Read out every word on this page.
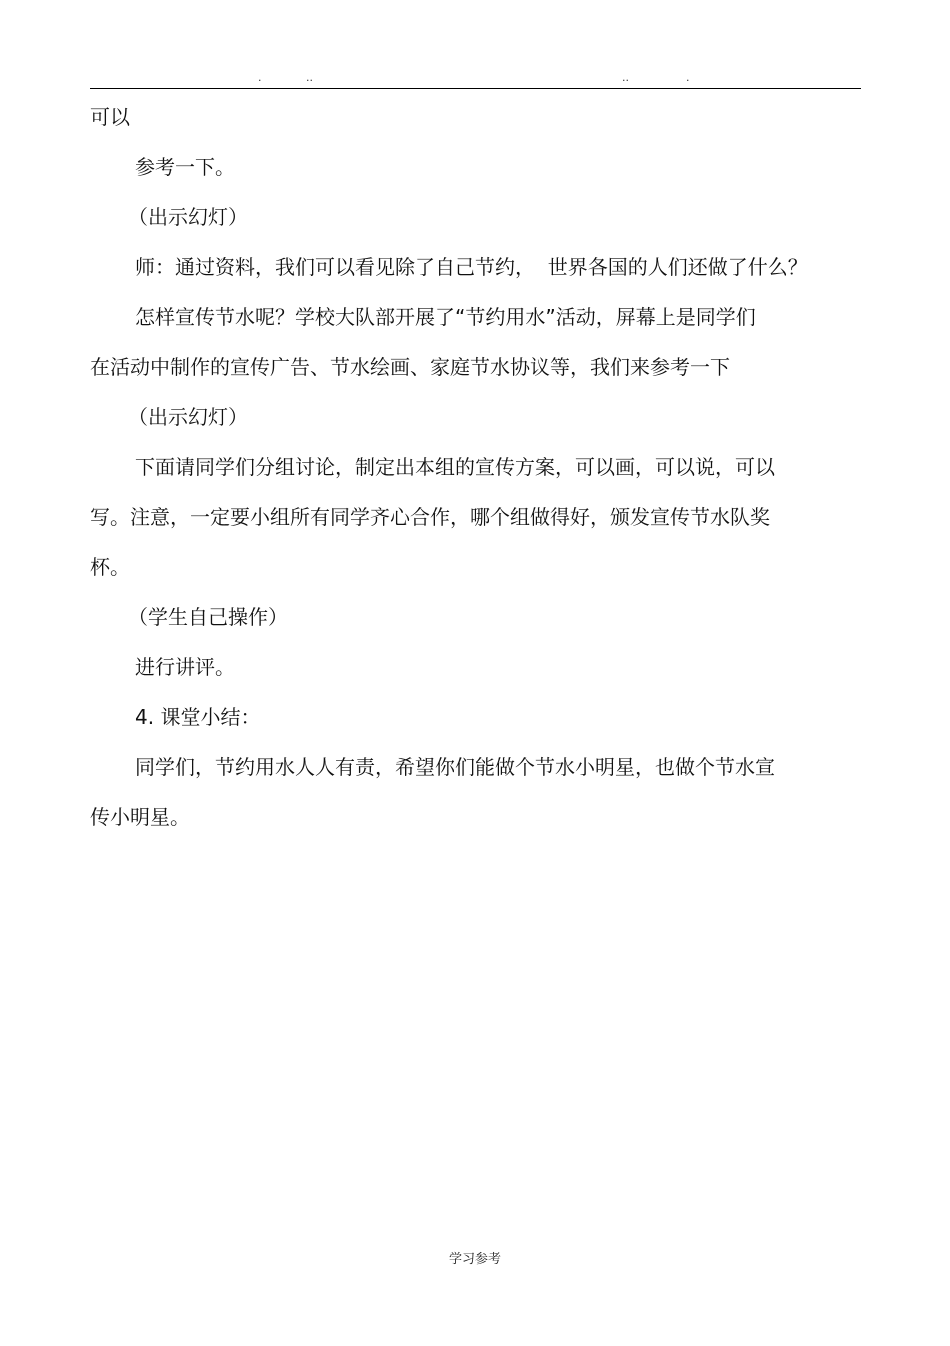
.	..	..	.
可以
参考一下。
（出示幻灯）
师：通过资料，我们可以看见除了自己节约，  世界各国的人们还做了什么？
怎样宣传节水呢？学校大队部开展了“节约用水”活动，屏幕上是同学们
在活动中制作的宣传广告、节水绘画、家庭节水协议等，我们来参考一下
（出示幻灯）
下面请同学们分组讨论，制定出本组的宣传方案，可以画，可以说，可以
写。注意，一定要小组所有同学齐心合作，哪个组做得好，颁发宣传节水队奖
杯。
（学生自己操作）
进行讲评。
4. 课堂小结：
同学们，节约用水人人有责，希望你们能做个节水小明星，也做个节水宣
传小明星。
学习参考
